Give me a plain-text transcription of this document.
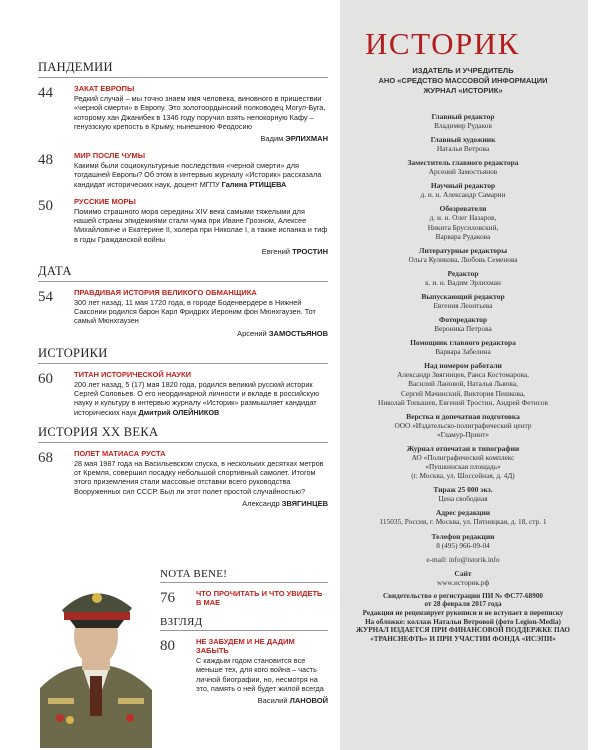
ПАНДЕМИИ
44	ЗАКАТ ЕВРОПЫ
Редкий случай – мы точно знаем имя человека, виновного в пришествии «черной смерти» в Европу. Это золотоордынский полководец Могул-Буга, которому хан Джанибек в 1346 году поручил взять непокорную Кафу – генуэзскую крепость в Крыму, нынешнюю Феодосию
Вадим ЭРЛИХМАН
48	МИР ПОСЛЕ ЧУМЫ
Какими были социокультурные последствия «черной смерти» для тогдашней Европы? Об этом в интервью журналу «Историк» рассказала кандидат исторических наук, доцент МГПУ Галина РТИЩЕВА
50	РУССКИЕ МОРЫ
Помимо страшного мора середины XIV века самыми тяжелыми для нашей страны эпидемиями стали чума при Иване Грозном, Алексее Михайловиче и Екатерине II, холера при Николае I, а также испанка и тиф в годы Гражданской войны
Евгений ТРОСТИН
ДАТА
54	ПРАВДИВАЯ ИСТОРИЯ ВЕЛИКОГО ОБМАНЩИКА
300 лет назад, 11 мая 1720 года, в городе Боденвердере в Нижней Саксонии родился барон Карл Фридрих Иероним фон Мюнхгаузен. Тот самый Мюнхгаузен
Арсений ЗАМОСТЬЯНОВ
ИСТОРИКИ
60	ТИТАН ИСТОРИЧЕСКОЙ НАУКИ
200 лет назад, 5 (17) мая 1820 года, родился великий русский историк Сергей Соловьев. О его неординарной личности и вкладе в российскую науку и культуру в интервью журналу «Историк» размышляет кандидат исторических наук Дмитрий ОЛЕЙНИКОВ
ИСТОРИЯ XX ВЕКА
68	ПОЛЕТ МАТИАСА РУСТА
28 мая 1987 года на Васильевском спуска, в нескольких десятках метров от Кремля, совершил посадку небольшой спортивный самолет. Итогом этого приземления стали массовые отставки всего руководства Вооруженных сил СССР. Был ли этот полет простой случайностью?
Александр ЗВЯГИНЦЕВ
NOTA BENE!
76	ЧТО ПРОЧИТАТЬ И ЧТО УВИДЕТЬ В МАЕ
ВЗГЛЯД
80	НЕ ЗАБУДЕМ И НЕ ДАДИМ ЗАБЫТЬ
С каждым годом становится все меньше тех, для кого война – часть личной биографии, но, несмотря на это, память о ней будет жилой всегда
Василий ЛАНОВОЙ
ИСТОРИК
ИЗДАТЕЛЬ И УЧРЕДИТЕЛЬ
АНО «СРЕДСТВО МАССОВОЙ ИНФОРМАЦИИ
ЖУРНАЛ «ИСТОРИК»
Главный редактор
Владимир Рудаков
Главный художник
Наталья Ветрова
Заместитель главного редактора
Арсений Замостьянов
Научный редактор
д. и. н. Александр Самарин
Обозреватели
д. и. н. Олег Назаров,
Никита Брусиловский,
Варвара Рудакова
Литературные редакторы
Ольга Куликова, Любовь Семенова
Редактор
к. и. н. Вадим Эрлихман
Выпускающий редактор
Евгения Леонтьева
Фоторедактор
Вероника Петрова
Помощник главного редактора
Варвара Забелина
Над номером работали
Александр Звягинцев, Раиса Костомарова,
Василий Лановой, Наталья Львова,
Сергей Мачинский, Виктория Пешкова,
Николай Топышев, Евгений Тростин, Андрей Фетисов
Верстка и допечатная подготовка
ООО «Издательско-полиграфический центр
«Гламур-Принт»
Журнал отпечатан в типографии
АО «Полиграфический комплекс
«Пушкинская площадь»
(г. Москва, ул. Шоссейная, д. 4Д)
Тираж 25 000 экз.
Цена свободная
Адрес редакции
115035, Россия, г. Москва, ул. Пятницкая, д. 18, стр. 1
Телефон редакции
8 (495) 966-09-04
e-mail: info@istorik.info
Сайт
www.историк.рф
Свидетельство о регистрации ПИ № ФС77-68900
от 28 февраля 2017 года
Редакция не рецензирует рукописи и не вступает в переписку
На обложке: коллаж Натальи Ветровой (фото Legion-Media)
ЖУРНАЛ ИЗДАЕТСЯ ПРИ ФИНАНСОВОЙ ПОДДЕРЖКЕ ПАО «ТРАНСНЕФТЬ» И ПРИ УЧАСТИИ ФОНДА «ИСЭПИ»
